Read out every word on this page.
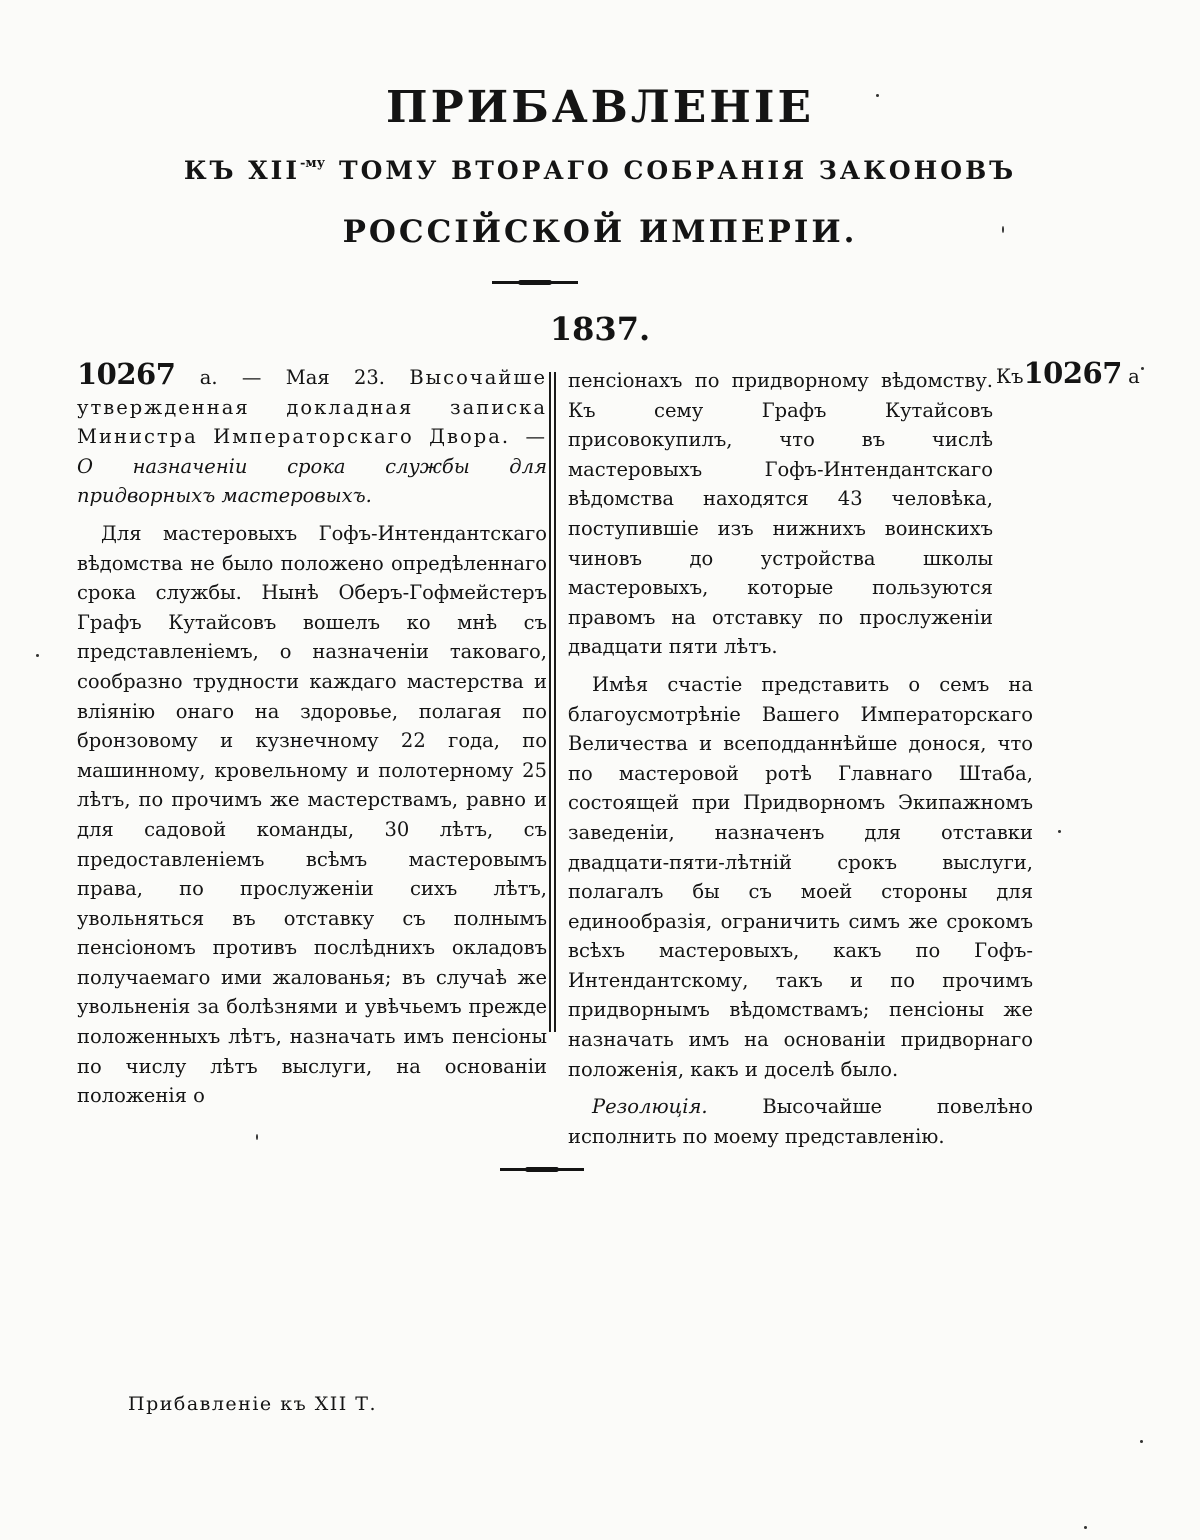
ПРИБАВЛЕНІЕ
КЪ $XII^{-му}$ ТОМУ ВТОРАГО СОБРАНІЯ ЗАКОНОВЪ
РОССІЙСКОЙ ИМПЕРІИ.
1837.

10267 а. — Мая 23. Высочайше утвержденная докладная записка Министра Императорскаго Двора. — О назначеніи срока службы для придворныхъ мастеровыхъ.

Для мастеровыхъ Гофъ-Интендантскаго вѣдомства не было положено опредѣленнаго срока службы. Нынѣ Оберъ-Гофмейстеръ Графъ Кутайсовъ вошелъ ко мнѣ съ представленіемъ, о назначеніи таковаго, сообразно трудности каждаго мастерства и вліянію онаго на здоровье, полагая по бронзовому и кузнечному 22 года, по машинному, кровельному и полотерному 25 лѣтъ, по прочимъ же мастерствамъ, равно и для садовой команды, 30 лѣтъ, съ предоставленіемъ всѣмъ мастеровымъ права, по прослуженіи сихъ лѣтъ, увольняться въ отставку съ полнымъ пенсіономъ противъ послѣднихъ окладовъ получаемаго ими жалованья; въ случаѣ же увольненія за болѣзнями и увѣчьемъ прежде положенныхъ лѣтъ, назначать имъ пенсіоны по числу лѣтъ выслуги, на основаніи положенія о

Къ10267 а

пенсіонахъ по придворному вѣдомству. Къ сему Графъ Кутайсовъ присовокупилъ, что въ числѣ мастеровыхъ Гофъ-Интендантскаго вѣдомства находятся 43 человѣка, поступившіе изъ нижнихъ воинскихъ чиновъ до устройства школы мастеровыхъ, которые пользуются правомъ на отставку по прослуженіи двадцати пяти лѣтъ.

Имѣя счастіе представить о семъ на благоусмотрѣніе Вашего Императорскаго Величества и всеподданнѣйше донося, что по мастеровой ротѣ Главнаго Штаба, состоящей при Придворномъ Экипажномъ заведеніи, назначенъ для отставки двадцати-пяти-лѣтній срокъ выслуги, полагалъ бы съ моей стороны для единообразія, ограничить симъ же срокомъ всѣхъ мастеровыхъ, какъ по Гофъ-Интендантскому, такъ и по прочимъ придворнымъ вѣдомствамъ; пенсіоны же назначать имъ на основаніи придворнаго положенія, какъ и доселѣ было.

Резолюція.	Высочайше повелѣно исполнить по моему представленію.

Прибавленіе къ XII Т.
